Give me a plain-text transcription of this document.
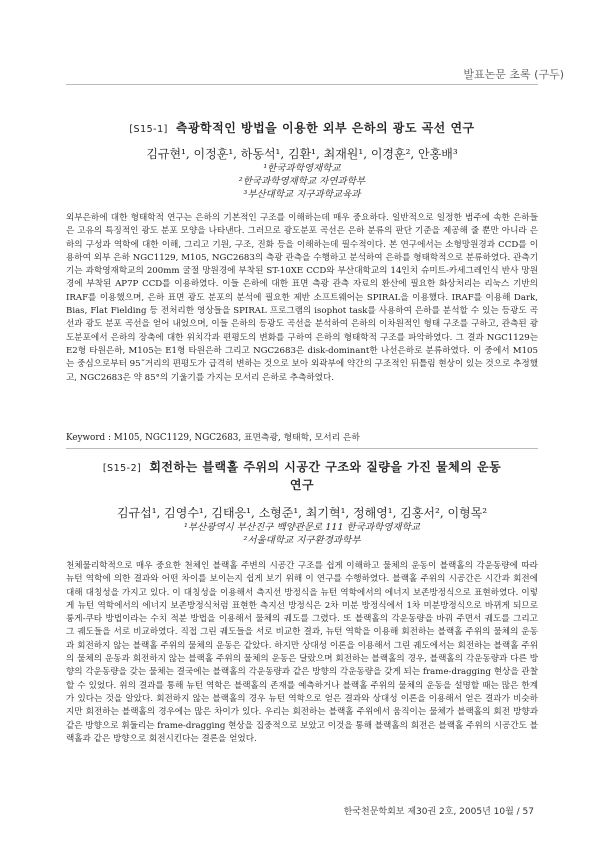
발표논문 초록 (구두)
[S15-1] 측광학적인 방법을 이용한 외부 은하의 광도 곡선 연구
김규현¹, 이정훈¹, 하동석¹, 김환¹, 최재원¹, 이경훈², 안홍배³
¹한국과학영재학교
²한국과학영재학교 자연과학부
³부산대학교 지구과학교육과

외부은하에 대한 형태학적 연구는 은하의 기본적인 구조를 이해하는데 매우 중요하다. 일반적으로 일정한 범주에 속한 은하들은 고유의 특징적인 광도 분포 모양을 나타낸다. 그러므로 광도분포 곡선은 은하 분류의 판단 기준을 제공해 줄 뿐만 아니라 은하의 구성과 역학에 대한 이해, 그리고 기원, 구조, 진화 등을 이해하는데 필수적이다. 본 연구에서는 소형망원경과 CCD를 이용하여 외부 은하 NGC1129, M105, NGC2683의 측광 관측을 수행하고 분석하여 은하를 형태학적으로 분류하였다. 관측기기는 과학영재학교의 200mm 굴절 망원경에 부착된 ST-10XE CCD와 부산대학교의 14인치 슈미트-카세그레인식 반사 망원경에 부착된 AP7P CCD를 이용하였다. 이들 은하에 대한 표면 측광 관측 자료의 환산에 필요한 화상처리는 리눅스 기반의 IRAF를 이용했으며, 은하 표면 광도 분포의 분석에 필요한 제반 소프트웨어는 SPIRAL을 이용했다. IRAF를 이용해 Dark, Bias, Flat Fielding 등 전처리한 영상들을 SPIRAL 프로그램의 isophot task를 사용하여 은하를 분석할 수 있는 등광도 곡선과 광도 분포 곡선을 얻어 내었으며, 이들 은하의 등광도 곡선을 분석하여 은하의 이차원적인 형태 구조를 구하고, 관측된 광도분포에서 은하의 장축에 대한 위치각과 편평도의 변화를 구하여 은하의 형태학적 구조를 파악하였다. 그 결과 NGC1129는 E2형 타원은하, M105는 E1형 타원은하 그리고 NGC2683은 disk-dominant한 나선은하로 분류하였다. 이 중에서 M105는 중심으로부터 95˝거리의 편평도가 급격히 변하는 것으로 보아 외곽부에 약간의 구조적인 뒤틀림 현상이 있는 것으로 추정했고, NGC2683은 약 85°의 기울기를 가지는 모서리 은하로 추측하였다.

Keyword : M105, NGC1129, NGC2683, 표면측광, 형태학, 모서리 은하
[S15-2] 회전하는 블랙홀 주위의 시공간 구조와 질량을 가진 물체의 운동
연구
김규섭¹, 김영수¹, 김태응¹, 소형준¹, 최기혁¹, 정해영¹, 김홍서², 이형목²
¹부산광역시 부산진구 백양관문로 111 한국과학영재학교
²서울대학교 지구환경과학부

천체물리학적으로 매우 중요한 천체인 블랙홀 주변의 시공간 구조를 쉽게 이해하고 물체의 운동이 블랙홀의 각운동량에 따라 뉴턴 역학에 의한 결과와 어떤 차이를 보이는지 쉽게 보기 위해 이 연구를 수행하였다. 블랙홀 주위의 시공간은 시간과 회전에 대해 대칭성을 가지고 있다. 이 대칭성을 이용해서 측지선 방정식을 뉴턴 역학에서의 에너지 보존방정식으로 표현하였다. 이렇게 뉴턴 역학에서의 에너지 보존방정식처럼 표현한 측지선 방정식은 2차 미분 방정식에서 1차 미분방정식으로 바뀌게 되므로 룽게-쿠타 방법이라는 수치 적분 방법을 이용해서 물체의 궤도를 그렸다. 또 블랙홀의 각운동량을 바꿔 주면서 궤도를 그리고 그 궤도들을 서로 비교하였다. 직접 그린 궤도들을 서로 비교한 결과, 뉴턴 역학을 이용해 회전하는 블랙홀 주위의 물체의 운동과 회전하지 않는 블랙홀 주위의 물체의 운동은 같았다. 하지만 상대성 이론을 이용해서 그린 궤도에서는 회전하는 블랙홀 주위의 물체의 운동과 회전하지 않는 블랙홀 주위의 물체의 운동은 달랐으며 회전하는 블랙홀의 경우, 블랙홀의 각운동량과 다른 방향의 각운동량을 갖는 물체는 결국에는 블랙홀의 각운동량과 같은 방향의 각운동량을 갖게 되는 frame-dragging 현상을 관찰할 수 있었다. 위의 결과를 통해 뉴턴 역학은 블랙홀의 존재를 예측하거나 블랙홀 주위의 물체의 운동을 설명할 때는 많은 한계가 있다는 것을 알았다. 회전하지 않는 블랙홀의 경우 뉴턴 역학으로 얻은 결과와 상대성 이론을 이용해서 얻은 결과가 비슷하지만 회전하는 블랙홀의 경우에는 많은 차이가 있다. 우리는 회전하는 블랙홀 주위에서 움직이는 물체가 블랙홀의 회전 방향과 같은 방향으로 휘둘리는 frame-dragging 현상을 집중적으로 보았고 이것을 통해 블랙홀의 회전은 블랙홀 주위의 시공간도 블랙홀과 같은 방향으로 회전시킨다는 결론을 얻었다.

한국천문학회보 제30권 2호, 2005년 10월 / 57
